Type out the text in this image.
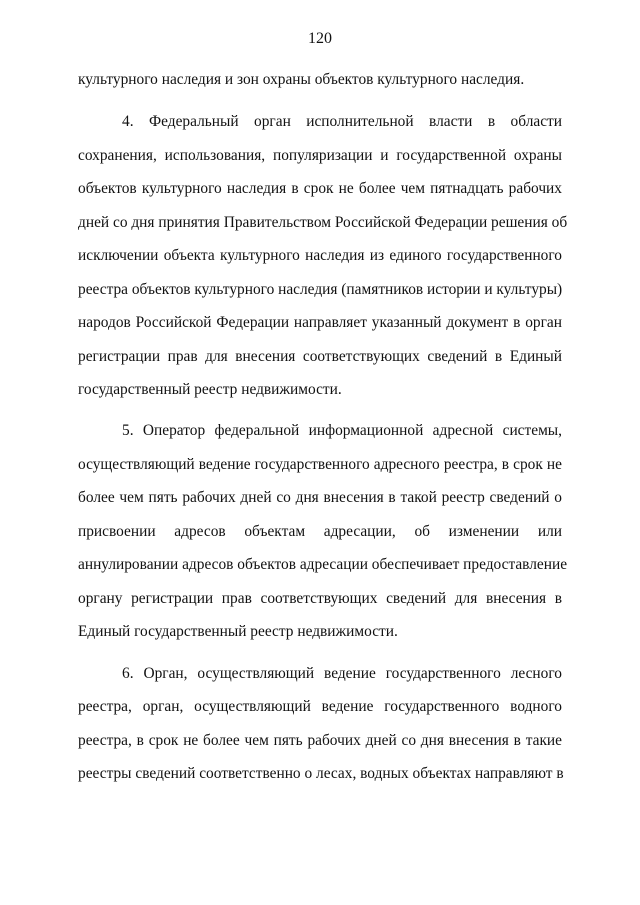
120
культурного наследия и зон охраны объектов культурного наследия.
4. Федеральный орган исполнительной власти в области
сохранения, использования, популяризации и государственной охраны
объектов культурного наследия в срок не более чем пятнадцать рабочих
дней со дня принятия Правительством Российской Федерации решения об
исключении объекта культурного наследия из единого государственного
реестра объектов культурного наследия (памятников истории и культуры)
народов Российской Федерации направляет указанный документ в орган
регистрации прав для внесения соответствующих сведений в Единый
государственный реестр недвижимости.
5. Оператор федеральной информационной адресной системы,
осуществляющий ведение государственного адресного реестра, в срок не
более чем пять рабочих дней со дня внесения в такой реестр сведений о
присвоении адресов объектам адресации, об изменении или
аннулировании адресов объектов адресации обеспечивает предоставление
органу регистрации прав соответствующих сведений для внесения в
Единый государственный реестр недвижимости.
6. Орган, осуществляющий ведение государственного лесного
реестра, орган, осуществляющий ведение государственного водного
реестра, в срок не более чем пять рабочих дней со дня внесения в такие
реестры сведений соответственно о лесах, водных объектах направляют в
